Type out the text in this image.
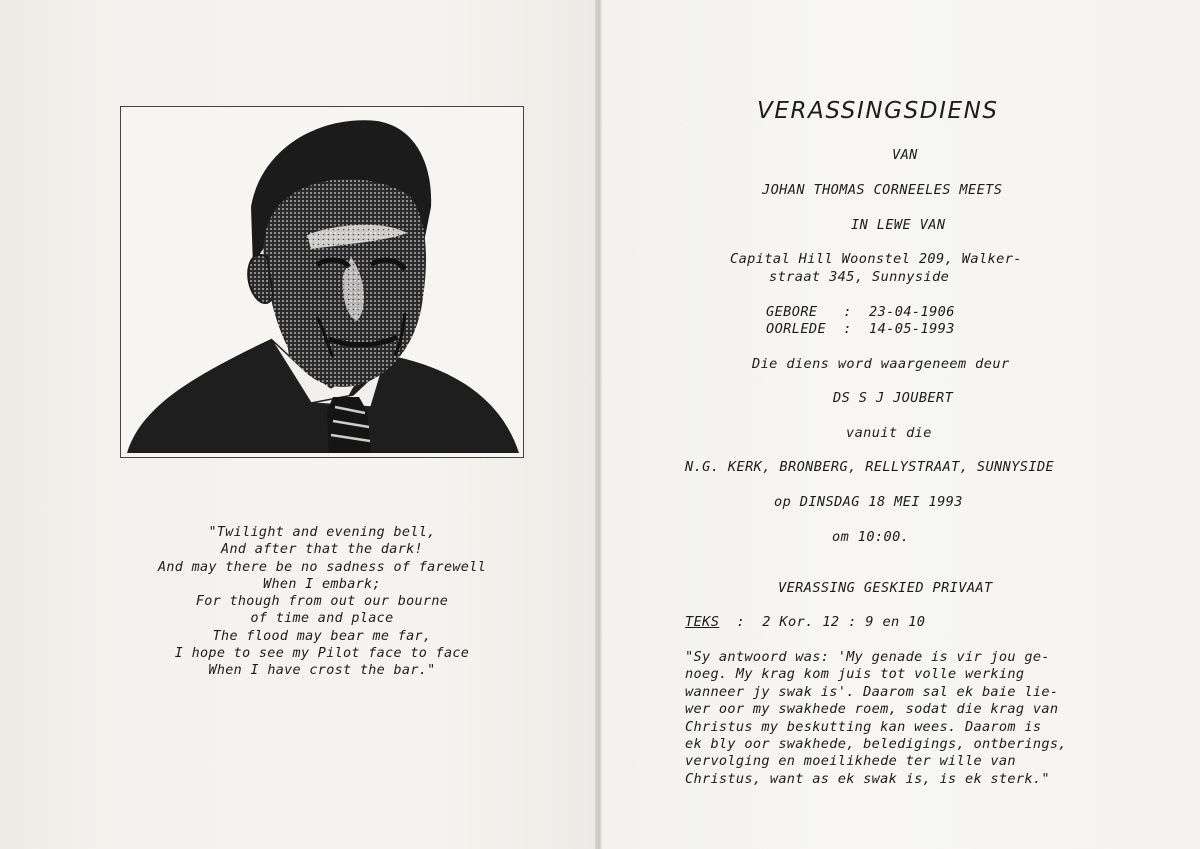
"Twilight and evening bell,
And after that the dark!
And may there be no sadness of farewell
When I embark;
For though from out our bourne
of time and place
The flood may bear me far,
I hope to see my Pilot face to face
When I have crost the bar."
VERASSINGSDIENS
VAN
JOHAN THOMAS CORNEELES MEETS
IN LEWE VAN
Capital Hill Woonstel 209, Walker-
straat 345, Sunnyside
GEBORE   :  23-04-1906
OORLEDE  :  14-05-1993
Die diens word waargeneem deur
DS S J JOUBERT
vanuit die
N.G. KERK, BRONBERG, RELLYSTRAAT, SUNNYSIDE
op DINSDAG 18 MEI 1993
om 10:00.
VERASSING GESKIED PRIVAAT
TEKS  :  2 Kor. 12 : 9 en 10
"Sy antwoord was: 'My genade is vir jou ge-
noeg. My krag kom juis tot volle werking
wanneer jy swak is'. Daarom sal ek baie lie-
wer oor my swakhede roem, sodat die krag van
Christus my beskutting kan wees. Daarom is
ek bly oor swakhede, beledigings, ontberings,
vervolging en moeilikhede ter wille van
Christus, want as ek swak is, is ek sterk."
